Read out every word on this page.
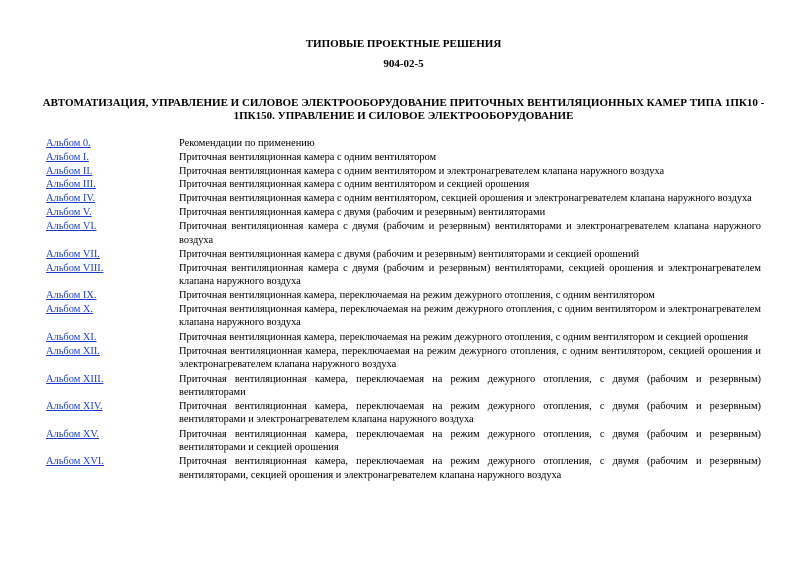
ТИПОВЫЕ ПРОЕКТНЫЕ РЕШЕНИЯ
904-02-5
АВТОМАТИЗАЦИЯ, УПРАВЛЕНИЕ И СИЛОВОЕ ЭЛЕКТРООБОРУДОВАНИЕ ПРИТОЧНЫХ ВЕНТИЛЯЦИОННЫХ КАМЕР ТИПА 1ПК10 - 1ПК150. УПРАВЛЕНИЕ И СИЛОВОЕ ЭЛЕКТРООБОРУДОВАНИЕ
Альбом 0.	Рекомендации по применению
Альбом I.	Приточная вентиляционная камера с одним вентилятором
Альбом II.	Приточная вентиляционная камера с одним вентилятором и электронагревателем клапана наружного воздуха
Альбом III.	Приточная вентиляционная камера с одним вентилятором и секцией орошения
Альбом IV.	Приточная вентиляционная камера с одним вентилятором, секцией орошения и электронагревателем клапана наружного воздуха
Альбом V.	Приточная вентиляционная камера с двумя (рабочим и резервным) вентиляторами
Альбом VI.	Приточная вентиляционная камера с двумя (рабочим и резервным) вентиляторами и электронагревателем клапана наружного воздуха
Альбом VII.	Приточная вентиляционная камера с двумя (рабочим и резервным) вентиляторами и секцией орошений
Альбом VIII.	Приточная вентиляционная камера с двумя (рабочим и резервным) вентиляторами, секцией орошения и электронагревателем клапана наружного воздуха
Альбом IX.	Приточная вентиляционная камера, переключаемая на режим дежурного отопления, с одним вентилятором
Альбом X.	Приточная вентиляционная камера, переключаемая на режим дежурного отопления, с одним вентилятором и электронагревателем клапана наружного воздуха
Альбом XI.	Приточная вентиляционная камера, переключаемая на режим дежурного отопления, с одним вентилятором и секцией орошения
Альбом XII.	Приточная вентиляционная камера, переключаемая на режим дежурного отопления, с одним вентилятором, секцией орошения и электронагревателем клапана наружного воздуха
Альбом XIII.	Приточная вентиляционная камера, переключаемая на режим дежурного отопления, с двумя (рабочим и резервным) вентиляторами
Альбом XIV.	Приточная вентиляционная камера, переключаемая на режим дежурного отопления, с двумя (рабочим и резервным) вентиляторами и электронагревателем клапана наружного воздуха
Альбом XV.	Приточная вентиляционная камера, переключаемая на режим дежурного отопления, с двумя (рабочим и резервным) вентиляторами и секцией орошения
Альбом XVI.	Приточная вентиляционная камера, переключаемая на режим дежурного отопления, с двумя (рабочим и резервным) вентиляторами, секцией орошения и электронагревателем клапана наружного воздуха
